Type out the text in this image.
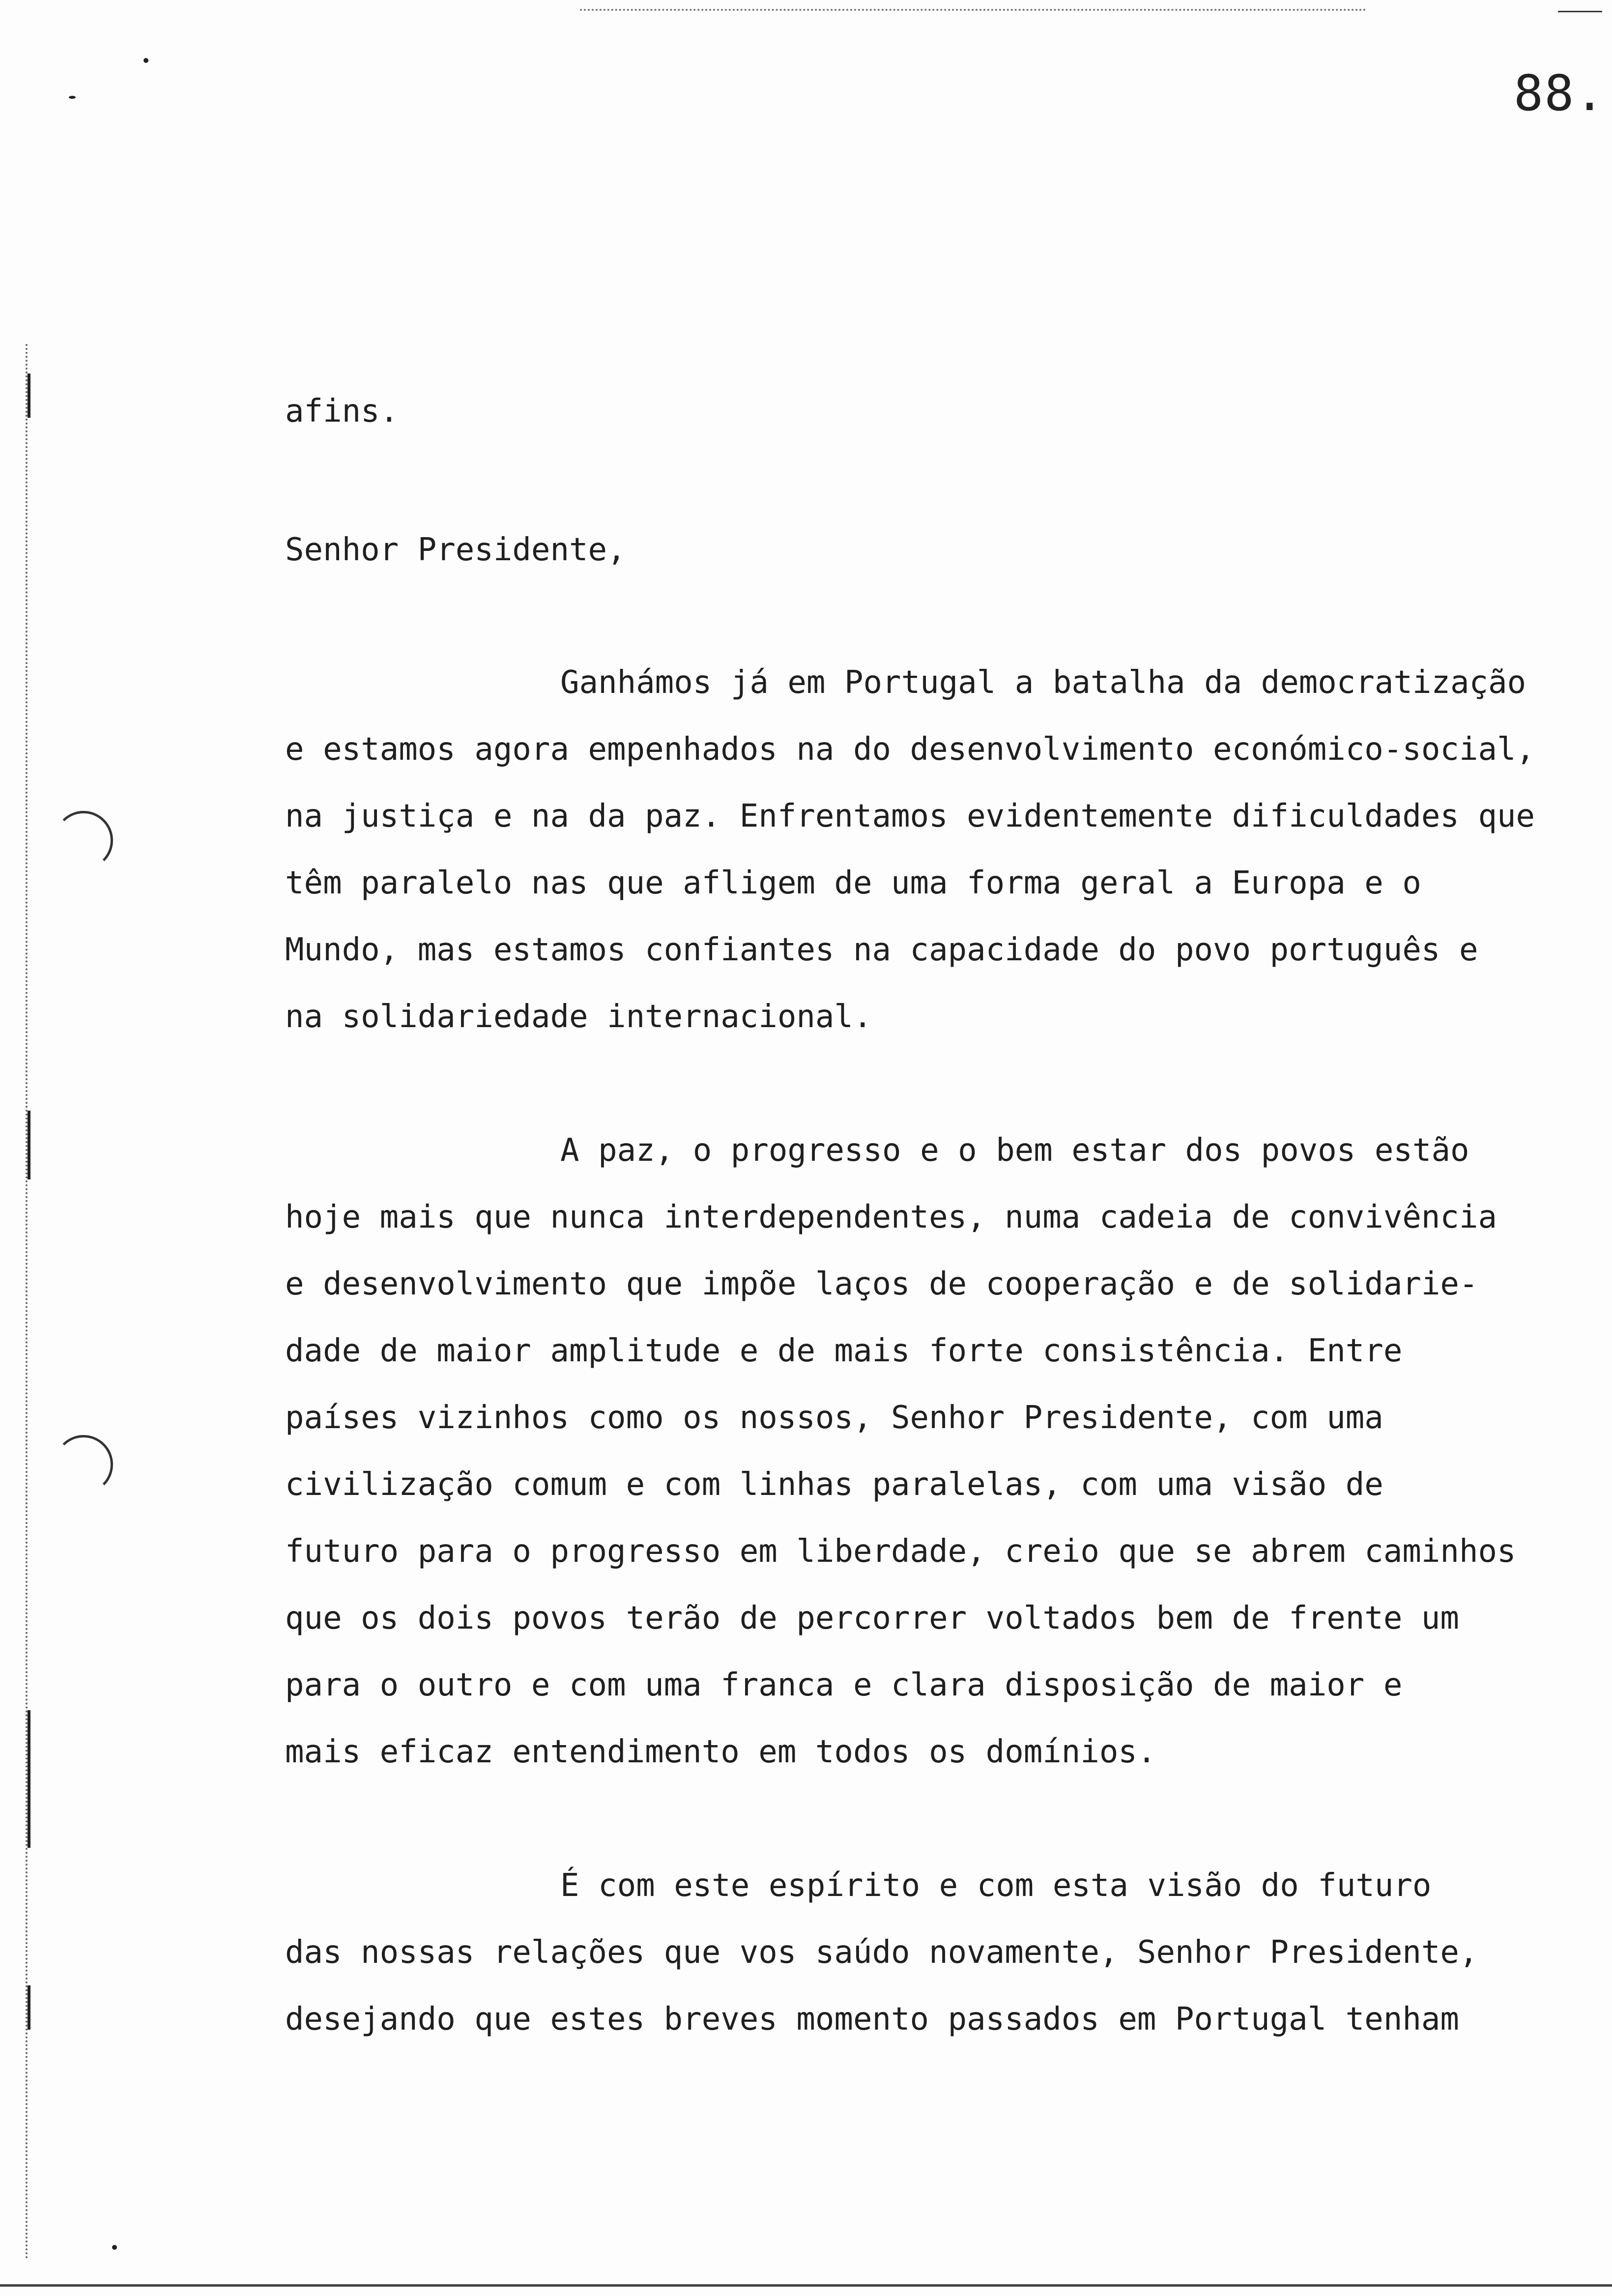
88.
afins.
Senhor Presidente,
Ganhámos já em Portugal a batalha da democratização
e estamos agora empenhados na do desenvolvimento económico-social,
na justiça e na da paz. Enfrentamos evidentemente dificuldades que
têm paralelo nas que afligem de uma forma geral a Europa e o
Mundo, mas estamos confiantes na capacidade do povo português e
na solidariedade internacional.
A paz, o progresso e o bem estar dos povos estão
hoje mais que nunca interdependentes, numa cadeia de convivência
e desenvolvimento que impõe laços de cooperação e de solidarie-
dade de maior amplitude e de mais forte consistência. Entre
países vizinhos como os nossos, Senhor Presidente, com uma
civilização comum e com linhas paralelas, com uma visão de
futuro para o progresso em liberdade, creio que se abrem caminhos
que os dois povos terão de percorrer voltados bem de frente um
para o outro e com uma franca e clara disposição de maior e
mais eficaz entendimento em todos os domínios.
É com este espírito e com esta visão do futuro
das nossas relações que vos saúdo novamente, Senhor Presidente,
desejando que estes breves momento passados em Portugal tenham
